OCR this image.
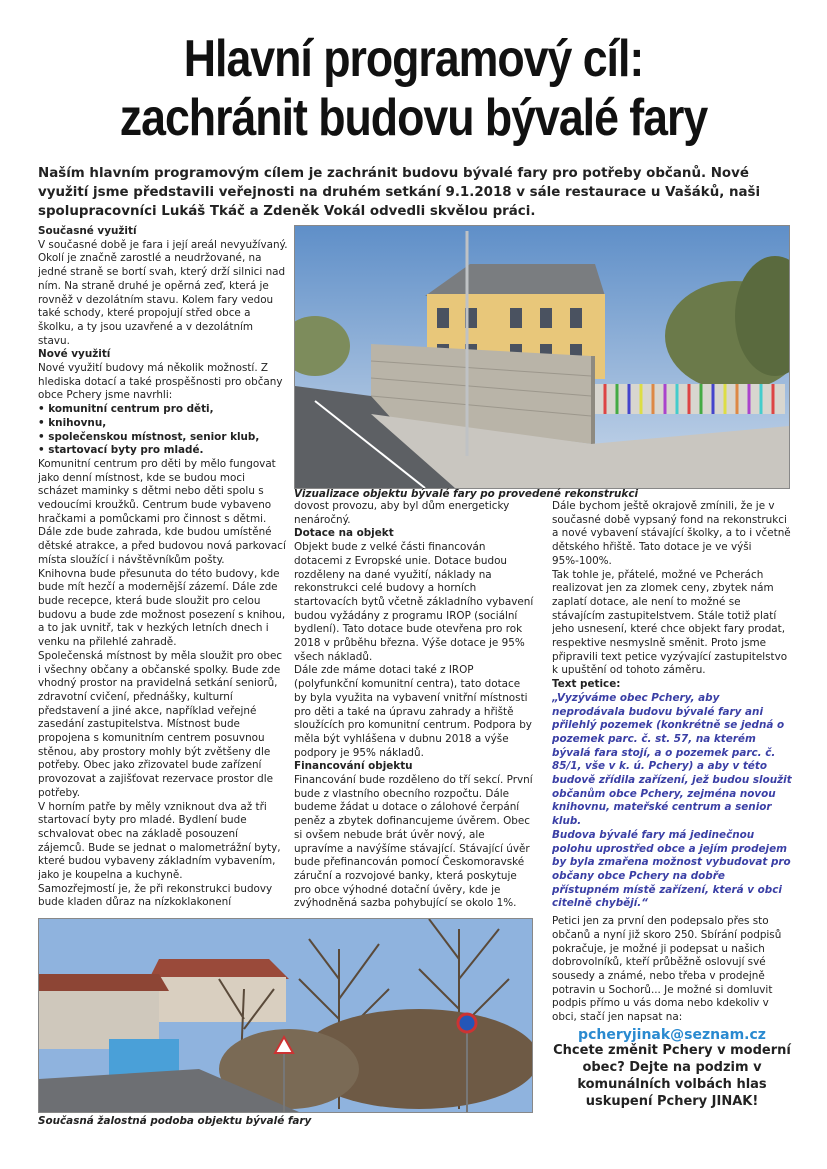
Hlavní programový cíl:
zachránit budovu bývalé fary
Naším hlavním programovým cílem je zachránit budovu bývalé fary pro potřeby občanů. Nové využití jsme představili veřejnosti na druhém setkání 9.1.2018 v sále restaurace u Vašáků, naši spolupracovníci Lukáš Tkáč a Zdeněk Vokál odvedli skvělou práci.

Současné využití

V současné době je fara i její areál nevyužívaný. Okolí je značně zarostlé a neudržované, na jedné straně se bortí svah, který drží silnici nad ním. Na straně druhé je opěrná zeď, která je rovněž v dezolátním stavu. Kolem fary vedou také schody, které propojují střed obce a školku, a ty jsou uzavřené a v dezolátním stavu.

Nové využití

Nové využití budovy má několik možností. Z hlediska dotací a také prospěšnosti pro občany obce Pchery jsme navrhli:

• komunitní centrum pro děti,

• knihovnu,

• společenskou místnost, senior klub,

• startovací byty pro mladé.

Komunitní centrum pro děti by mělo fungovat jako denní místnost, kde se budou moci scházet maminky s dětmi nebo děti spolu s vedoucími kroužků. Centrum bude vybaveno hračkami a pomůckami pro činnost s dětmi. Dále zde bude zahrada, kde budou umístěné dětské atrakce, a před budovou nová parkovací místa sloužící i návštěvníkům pošty.

Knihovna bude přesunuta do této budovy, kde bude mít hezčí a modernější zázemí. Dále zde bude recepce, která bude sloužit pro celou budovu a bude zde možnost posezení s knihou, a to jak uvnitř, tak v hezkých letních dnech i venku na přilehlé zahradě.

Společenská místnost by měla sloužit pro obec i všechny občany a občanské spolky. Bude zde vhodný prostor na pravidelná setkání seniorů, zdravotní cvičení, přednášky, kulturní představení a jiné akce, například veřejné zasedání zastupitelstva. Místnost bude propojena s komunitním centrem posuvnou stěnou, aby prostory mohly být zvětšeny dle potřeby. Obec jako zřizovatel bude zařízení provozovat a zajišťovat rezervace prostor dle potřeby.

V horním patře by měly vzniknout dva až tři startovací byty pro mladé. Bydlení bude schvalovat obec na základě posouzení zájemců. Bude se jednat o malometrážní byty, které budou vybaveny základním vybavením, jako je koupelna a kuchyně.

Samozřejmostí je, že při rekonstrukci budovy bude kladen důraz na nízkoklakonení

Vizualizace objektu bývalé fary po provedené rekonstrukci

dovost provozu, aby byl dům energeticky nenáročný.

Dotace na objekt

Objekt bude z velké části financován dotacemi z Evropské unie. Dotace budou rozděleny na dané využití, náklady na rekonstrukci celé budovy a horních startovacích bytů včetně základního vybavení budou vyžádány z programu IROP (sociální bydlení). Tato dotace bude otevřena pro rok 2018 v průběhu března. Výše dotace je 95% všech nákladů.

Dále zde máme dotaci také z IROP (polyfunkční komunitní centra), tato dotace by byla využita na vybavení vnitřní místnosti pro děti a také na úpravu zahrady a hřiště sloužících pro komunitní centrum. Podpora by měla být vyhlášena v dubnu 2018 a výše podpory je 95% nákladů.

Financování objektu

Financování bude rozděleno do tří sekcí. První bude z vlastního obecního rozpočtu. Dále budeme žádat u dotace o zálohové čerpání peněz a zbytek dofinancujeme úvěrem. Obec si ovšem nebude brát úvěr nový, ale upravíme a navýšíme stávající. Stávající úvěr bude přefinancován pomocí Českomoravské záruční a rozvojové banky, která poskytuje pro obce výhodné dotační úvěry, kde je zvýhodněná sazba pohybující se okolo 1%.

Dále bychom ještě okrajově zmínili, že je v současné době vypsaný fond na rekonstrukci a nové vybavení stávající školky, a to i včetně dětského hřiště. Tato dotace je ve výši 95%-100%.

Tak tohle je, přátelé, možné ve Pcherách realizovat jen za zlomek ceny, zbytek nám zaplatí dotace, ale není to možné se stávajícím zastupitelstvem. Stále totiž platí jeho usnesení, které chce objekt fary prodat, respektive nesmyslně směnit. Proto jsme připravili text petice vyzývající zastupitelstvo k upuštění od tohoto záměru.

Text petice:

„Vyzýváme obec Pchery, aby neprodávala budovu bývalé fary ani přilehlý pozemek (konkrétně se jedná o pozemek parc. č. st. 57, na kterém bývalá fara stojí, a o pozemek parc. č. 85/1, vše v k. ú. Pchery) a aby v této budově zřídila zařízení, jež budou sloužit občanům obce Pchery, zejména novou knihovnu, mateřské centrum a senior klub.

Budova bývalé fary má jedinečnou polohu uprostřed obce a jejím prodejem by byla zmařena možnost vybudovat pro občany obce Pchery na dobře přístupném místě zařízení, která v obci citelně chybějí.“

Petici jen za první den podepsalo přes sto občanů a nyní již skoro 250. Sbírání podpisů pokračuje, je možné ji podepsat u našich dobrovolníků, kteří průběžně oslovují své sousedy a známé, nebo třeba v prodejně potravin u Sochorů... Je možné si domluvit podpis přímo u vás doma nebo kdekoliv v obci, stačí jen napsat na:

pcheryjinak@seznam.cz

Chcete změnit Pchery v moderní obec? Dejte na podzim v komunálních volbách hlas uskupení Pchery JINAK!

Současná žalostná podoba objektu bývalé fary
